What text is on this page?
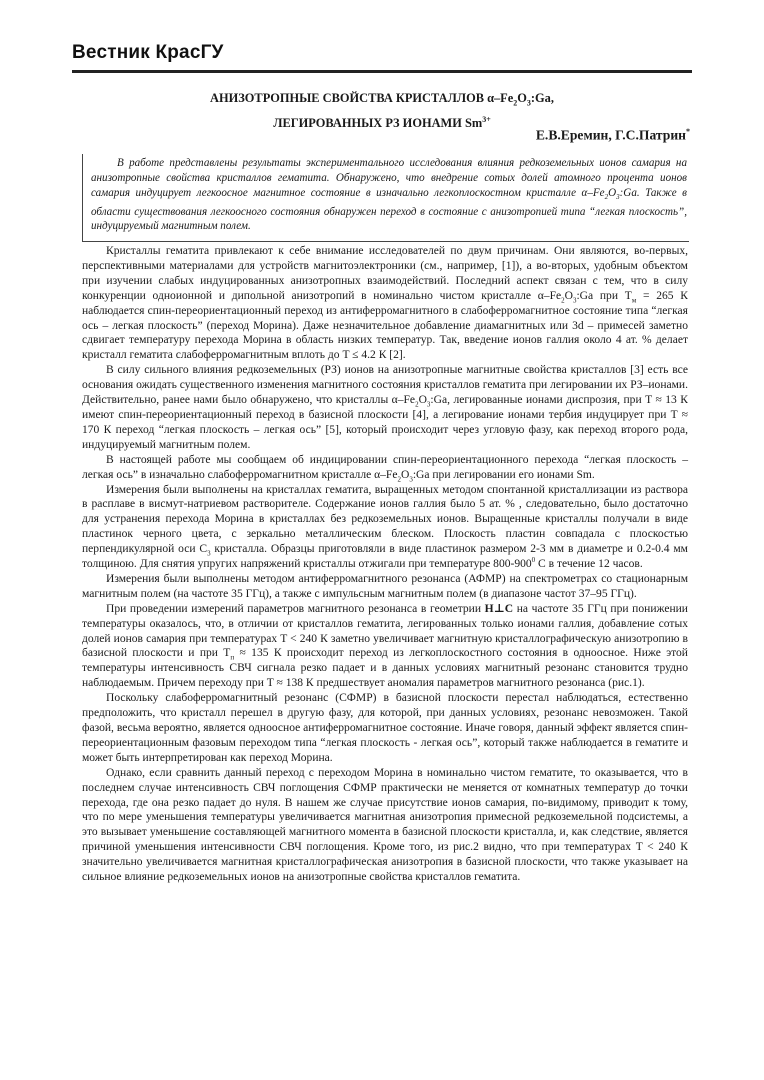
Вестник КрасГУ
АНИЗОТРОПНЫЕ СВОЙСТВА КРИСТАЛЛОВ $\alpha-Fe_2O_3:Ga$,
ЛЕГИРОВАННЫХ РЗ ИОНАМИ $Sm^{3+}$
Е.В.Еремин, Г.С.Патрин*

В работе представлены результаты экспериментального исследования влияния редкоземельных ионов самария на анизотропные свойства кристаллов гематита. Обнаружено, что внедрение сотых долей атомного процента ионов самария индуцирует легкоосное магнитное состояние в изначально легкоплоскостном кристалле $\alpha-Fe_2O_3:Ga$. Также в области существования легкоосного состояния обнаружен переход в состояние с анизотропией типа “легкая плоскость”, индуцируемый магнитным полем.

Кристаллы гематита привлекают к себе внимание исследователей по двум причинам. Они являются, во-первых, перспективными материалами для устройств магнитоэлектроники (см., например, [1]), а во-вторых, удобным объектом при изучении слабых индуцированных анизотропных взаимодействий. Последний аспект связан с тем, что в силу конкуренции одноионной и дипольной анизотропий в номинально чистом кристалле $\alpha-Fe_2O_3:Ga$ при $T_м = 265$ К наблюдается спин-переориентационный переход из антиферромагнитного в слабоферромагнитное состояние типа “легкая ось – легкая плоскость” (переход Морина). Даже незначительное добавление диамагнитных или 3d – примесей заметно сдвигает температуру перехода Морина в область низких температур. Так, введение ионов галлия около 4 ат. % делает кристалл гематита слабоферромагнитным вплоть до T ≤ 4.2 К [2].

В силу сильного влияния редкоземельных (РЗ) ионов на анизотропные магнитные свойства кристаллов [3] есть все основания ожидать существенного изменения магнитного состояния кристаллов гематита при легировании их РЗ–ионами. Действительно, ранее нами было обнаружено, что кристаллы $\alpha-Fe_2O_3:Ga$, легированные ионами диспрозия, при T ≈ 13 К имеют спин-переориентационный переход в базисной плоскости [4], а легирование ионами тербия индуцирует при T ≈ 170 К переход “легкая плоскость – легкая ось” [5], который происходит через угловую фазу, как переход второго рода, индуцируемый магнитным полем.

В настоящей работе мы сообщаем об индицировании спин-переориентационного перехода “легкая плоскость – легкая ось” в изначально слабоферромагнитном кристалле $\alpha-Fe_2O_3:Ga$ при легировании его ионами Sm.

Измерения были выполнены на кристаллах гематита, выращенных методом спонтанной кристаллизации из раствора в расплаве в висмут-натриевом растворителе. Содержание ионов галлия было 5 ат. % , следовательно, было достаточно для устранения перехода Морина в кристаллах без редкоземельных ионов. Выращенные кристаллы получали в виде пластинок черного цвета, с зеркально металлическим блеском. Плоскость пластин совпадала с плоскостью перпендикулярной оси $C_3$ кристалла. Образцы приготовляли в виде пластинок размером 2-3 мм в диаметре и 0.2-0.4 мм толщиною. Для снятия упругих напряжений кристаллы отжигали при температуре $800-900^0$ С в течение 12 часов.

Измерения были выполнены методом антиферромагнитного резонанса (АФМР) на спектрометрах со стационарным магнитным полем (на частоте 35 ГГц), а также с импульсным магнитным полем (в диапазоне частот 37–95 ГГц).

При проведении измерений параметров магнитного резонанса в геометрии H⊥C на частоте 35 ГГц при понижении температуры оказалось, что, в отличии от кристаллов гематита, легированных только ионами галлия, добавление сотых долей ионов самария при температурах T < 240 К заметно увеличивает магнитную кристаллографическую анизотропию в базисной плоскости и при $T_п \approx 135$ К происходит переход из легкоплоскостного состояния в одноосное. Ниже этой температуры интенсивность СВЧ сигнала резко падает и в данных условиях магнитный резонанс становится трудно наблюдаемым. Причем переходу при T ≈ 138 К предшествует аномалия параметров магнитного резонанса (рис.1).

Поскольку слабоферромагнитный резонанс (СФМР) в базисной плоскости перестал наблюдаться, естественно предположить, что кристалл перешел в другую фазу, для которой, при данных условиях, резонанс невозможен. Такой фазой, весьма вероятно, является одноосное антиферромагнитное состояние. Иначе говоря, данный эффект является спин-переориентационным фазовым переходом типа “легкая плоскость - легкая ось”, который также наблюдается в гематите и может быть интерпретирован как переход Морина.

Однако, если сравнить данный переход с переходом Морина в номинально чистом гематите, то оказывается, что в последнем случае интенсивность СВЧ поглощения СФМР практически не меняется от комнатных температур до точки перехода, где она резко падает до нуля. В нашем же случае присутствие ионов самария, по-видимому, приводит к тому, что по мере уменьшения температуры увеличивается магнитная анизотропия примесной редкоземельной подсистемы, а это вызывает уменьшение составляющей магнитного момента в базисной плоскости кристалла, и, как следствие, является причиной уменьшения интенсивности СВЧ поглощения. Кроме того, из рис.2 видно, что при температурах T < 240 К значительно увеличивается магнитная кристаллографическая анизотропия в базисной плоскости, что также указывает на сильное влияние редкоземельных ионов на анизотропные свойства кристаллов гематита.
